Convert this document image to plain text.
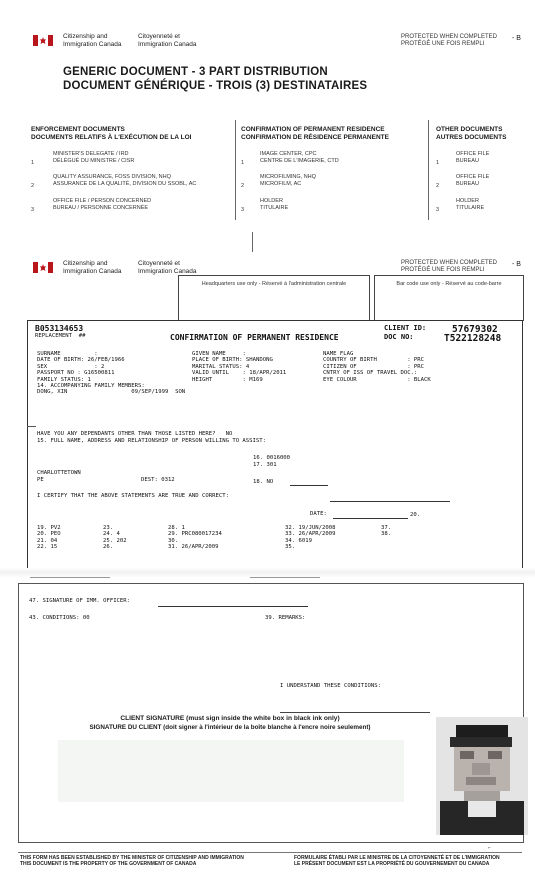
Citizenship and
Immigration Canada
Citoyenneté et
Immigration Canada
PROTECTED WHEN COMPLETED
PROTÉGÉ UNE FOIS REMPLI
- B
GENERIC DOCUMENT - 3 PART DISTRIBUTION
DOCUMENT GÉNÉRIQUE - TROIS (3) DESTINATAIRES
ENFORCEMENT DOCUMENTS
DOCUMENTS RELATIFS À L'EXÉCUTION DE LA LOI
1
MINISTER'S DELEGATE / IRD
DÉLÉGUÉ DU MINISTRE / CISR
2
QUALITY ASSURANCE, FOSS DIVISION, NHQ
ASSURANCE DE LA QUALITÉ, DIVISION DU SSOBL, AC
3
OFFICE FILE / PERSON CONCERNED
BUREAU / PERSONNE CONCERNÉE
CONFIRMATION OF PERMANENT RESIDENCE
CONFIRMATION DE RÉSIDENCE PERMANENTE
1
IMAGE CENTER, CPC
CENTRE DE L'IMAGERIE, CTD
2
MICROFILMING, NHQ
MICROFILM, AC
3
HOLDER
TITULAIRE
OTHER DOCUMENTS
AUTRES DOCUMENTS
1
OFFICE FILE
BUREAU
2
OFFICE FILE
BUREAU
3
HOLDER
TITULAIRE
Citizenship and
Immigration Canada
Citoyenneté et
Immigration Canada
PROTECTED WHEN COMPLETED
PROTÉGÉ UNE FOIS REMPLI
- B
Headquarters use only - Réservé à l'administration centrale	Bar code use only - Réservé au code-barre
B053134653
REPLACEMENT  ##	CONFIRMATION OF PERMANENT RESIDENCE
CLIENT ID:	57679302
DOC NO:	T522128248
SURNAME          :
DATE OF BIRTH: 26/FEB/1966
SEX              : 2
PASSPORT NO : G16500811
FAMILY STATUS: 1
14. ACCOMPANYING FAMILY MEMBERS:
DONG, XIN                   09/SEP/1999  SON
GIVEN NAME     :
PLACE OF BIRTH: SHANDONG
MARITAL STATUS: 4
VALID UNTIL    : 18/APR/2011
HEIGHT         : M169
NAME FLAG
COUNTRY OF BIRTH         : PRC
CITIZEN OF               : PRC
CNTRY OF ISS OF TRAVEL DOC.:
EYE COLOUR               : BLACK
HAVE YOU ANY DEPENDANTS OTHER THAN THOSE LISTED HERE?   NO
15. FULL NAME, ADDRESS AND RELATIONSHIP OF PERSON WILLING TO ASSIST:
16. 0016000
17. 301
CHARLOTTETOWN
PE	DEST: 0312	18. NO
I CERTIFY THAT THE ABOVE STATEMENTS ARE TRUE AND CORRECT:
DATE:	20.
19. PV2
20. PEO
21. 04
22. 15
23.
24. 4
25. 202
26.
28. 1
29. PRC080017234
30.
31. 26/APR/2009
32. 19/JUN/2008
33. 26/APR/2009
34. 6019
35.
37.
38.
47. SIGNATURE OF IMM. OFFICER:
43. CONDITIONS: 00	39. REMARKS:
I UNDERSTAND THESE CONDITIONS:
CLIENT SIGNATURE (must sign inside the white box in black ink only)
SIGNATURE DU CLIENT (doit signer à l'intérieur de la boîte blanche à l'encre noire seulement)
⌐
THIS FORM HAS BEEN ESTABLISHED BY THE MINISTER OF CITIZENSHIP AND IMMIGRATION
THIS DOCUMENT IS THE PROPERTY OF THE GOVERNMENT OF CANADA
FORMULAIRE ÉTABLI PAR LE MINISTRE DE LA CITOYENNETÉ ET DE L'IMMIGRATION
LE PRÉSENT DOCUMENT EST LA PROPRIÉTÉ DU GOUVERNEMENT DU CANADA
